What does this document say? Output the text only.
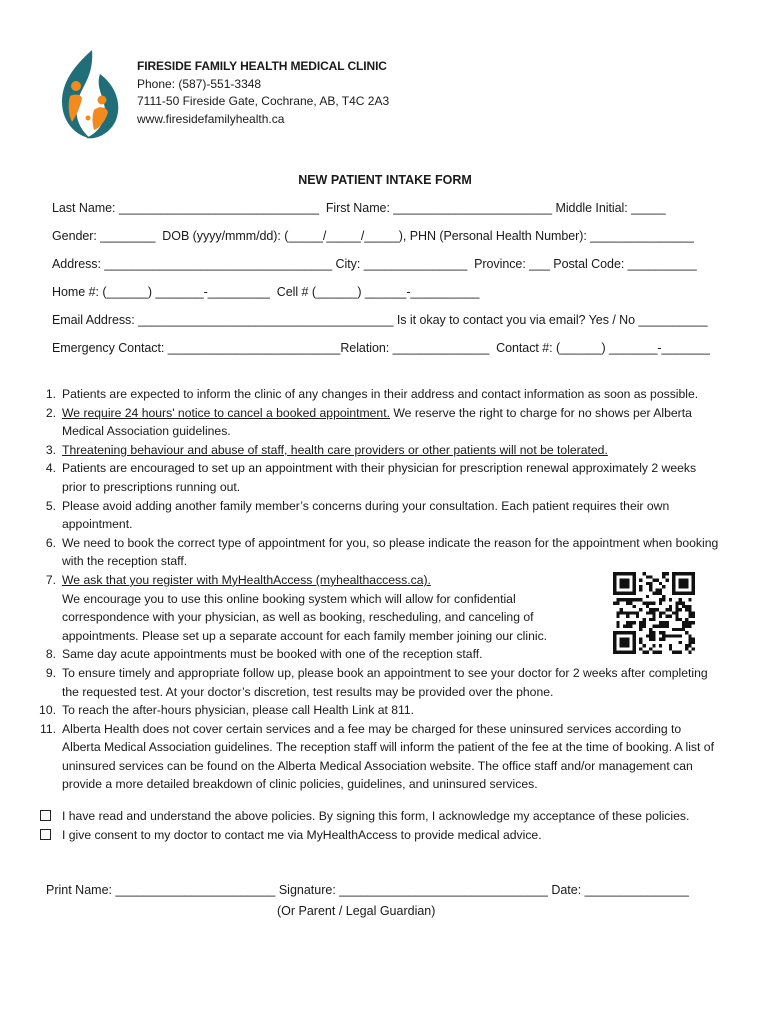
FIRESIDE FAMILY HEALTH MEDICAL CLINIC
Phone: (587)-551-3348
7111-50 Fireside Gate, Cochrane, AB, T4C 2A3
www.firesidefamilyhealth.ca
NEW PATIENT INTAKE FORM
Last Name: _____________________________  First Name: _______________________ Middle Initial: _____
Gender: ________  DOB (yyyy/mmm/dd): (_____/_____/_____), PHN (Personal Health Number): _______________
Address: _________________________________ City: _______________  Province: ___ Postal Code: __________
Home #: (______) _______-_________  Cell # (______) ______-__________
Email Address: _____________________________________ Is it okay to contact you via email? Yes / No __________
Emergency Contact: _________________________Relation: ______________  Contact #: (______) _______-_______
1. Patients are expected to inform the clinic of any changes in their address and contact information as soon as possible.
2. We require 24 hours' notice to cancel a booked appointment. We reserve the right to charge for no shows per Alberta Medical Association guidelines.
3. Threatening behaviour and abuse of staff, health care providers or other patients will not be tolerated.
4. Patients are encouraged to set up an appointment with their physician for prescription renewal approximately 2 weeks prior to prescriptions running out.
5. Please avoid adding another family member’s concerns during your consultation. Each patient requires their own appointment.
6. We need to book the correct type of appointment for you, so please indicate the reason for the appointment when booking with the reception staff.
7. We ask that you register with MyHealthAccess (myhealthaccess.ca).
We encourage you to use this online booking system which will allow for confidential correspondence with your physician, as well as booking, rescheduling, and canceling of appointments. Please set up a separate account for each family member joining our clinic.
8. Same day acute appointments must be booked with one of the reception staff.
9. To ensure timely and appropriate follow up, please book an appointment to see your doctor for 2 weeks after completing the requested test. At your doctor’s discretion, test results may be provided over the phone.
10. To reach the after-hours physician, please call Health Link at 811.
11. Alberta Health does not cover certain services and a fee may be charged for these uninsured services according to Alberta Medical Association guidelines. The reception staff will inform the patient of the fee at the time of booking. A list of uninsured services can be found on the Alberta Medical Association website. The office staff and/or management can provide a more detailed breakdown of clinic policies, guidelines, and uninsured services.
I have read and understand the above policies. By signing this form, I acknowledge my acceptance of these policies.
I give consent to my doctor to contact me via MyHealthAccess to provide medical advice.
Print Name: _______________________ Signature: ______________________________ Date: _______________
(Or Parent / Legal Guardian)
